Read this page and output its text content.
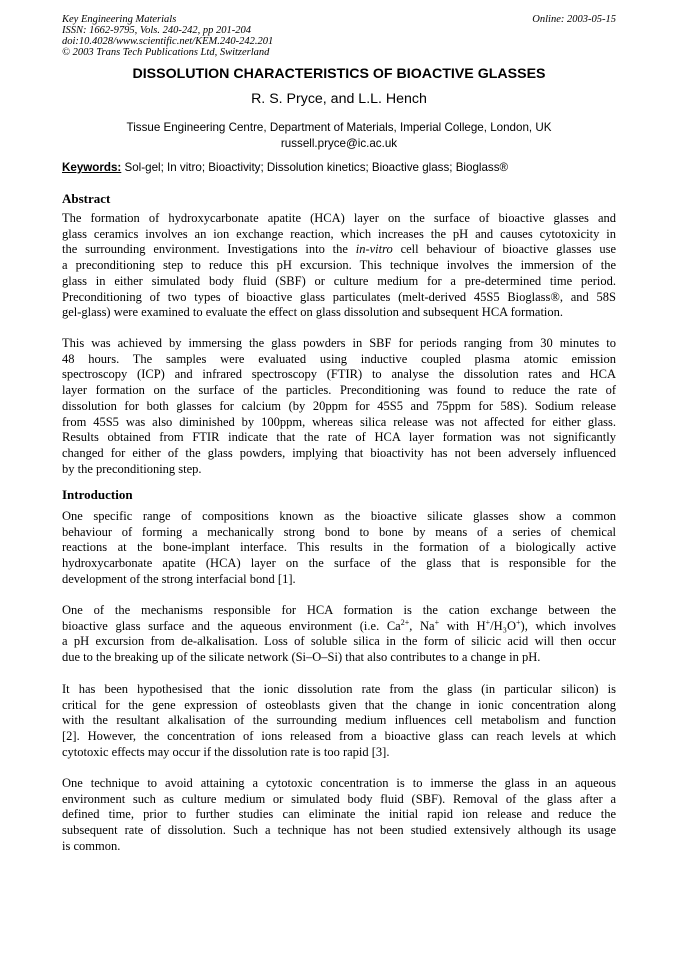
Key Engineering Materials
ISSN: 1662-9795, Vols. 240-242, pp 201-204
doi:10.4028/www.scientific.net/KEM.240-242.201
© 2003 Trans Tech Publications Ltd, Switzerland
Online: 2003-05-15
DISSOLUTION CHARACTERISTICS OF BIOACTIVE GLASSES
R. S. Pryce, and L.L. Hench
Tissue Engineering Centre, Department of Materials, Imperial College, London, UK
russell.pryce@ic.ac.uk
Keywords: Sol-gel; In vitro; Bioactivity; Dissolution kinetics; Bioactive glass; Bioglass®
Abstract
The formation of hydroxycarbonate apatite (HCA) layer on the surface of bioactive glasses and
glass ceramics involves an ion exchange reaction, which increases the pH and causes cytotoxicity in
the surrounding environment. Investigations into the in-vitro cell behaviour of bioactive glasses use
a preconditioning step to reduce this pH excursion. This technique involves the immersion of the
glass in either simulated body fluid (SBF) or culture medium for a pre-determined time period.
Preconditioning of two types of bioactive glass particulates (melt-derived 45S5 Bioglass®, and 58S
gel-glass) were examined to evaluate the effect on glass dissolution and subsequent HCA formation.
This was achieved by immersing the glass powders in SBF for periods ranging from 30 minutes to
48 hours. The samples were evaluated using inductive coupled plasma atomic emission
spectroscopy (ICP) and infrared spectroscopy (FTIR) to analyse the dissolution rates and HCA
layer formation on the surface of the particles. Preconditioning was found to reduce the rate of
dissolution for both glasses for calcium (by 20ppm for 45S5 and 75ppm for 58S). Sodium release
from 45S5 was also diminished by 100ppm, whereas silica release was not affected for either glass.
Results obtained from FTIR indicate that the rate of HCA layer formation was not significantly
changed for either of the glass powders, implying that bioactivity has not been adversely influenced
by the preconditioning step.
Introduction
One specific range of compositions known as the bioactive silicate glasses show a common
behaviour of forming a mechanically strong bond to bone by means of a series of chemical
reactions at the bone-implant interface. This results in the formation of a biologically active
hydroxycarbonate apatite (HCA) layer on the surface of the glass that is responsible for the
development of the strong interfacial bond [1].
One of the mechanisms responsible for HCA formation is the cation exchange between the
bioactive glass surface and the aqueous environment (i.e. $Ca^{2+}$, Na+ with H+/H₃O+), which involves
a pH excursion from de-alkalisation. Loss of soluble silica in the form of silicic acid will then occur
due to the breaking up of the silicate network (Si–O–Si) that also contributes to a change in pH.
It has been hypothesised that the ionic dissolution rate from the glass (in particular silicon) is
critical for the gene expression of osteoblasts given that the change in ionic concentration along
with the resultant alkalisation of the surrounding medium influences cell metabolism and function
[2]. However, the concentration of ions released from a bioactive glass can reach levels at which
cytotoxic effects may occur if the dissolution rate is too rapid [3].
One technique to avoid attaining a cytotoxic concentration is to immerse the glass in an aqueous
environment such as culture medium or simulated body fluid (SBF). Removal of the glass after a
defined time, prior to further studies can eliminate the initial rapid ion release and reduce the
subsequent rate of dissolution. Such a technique has not been studied extensively although its usage
is common.
